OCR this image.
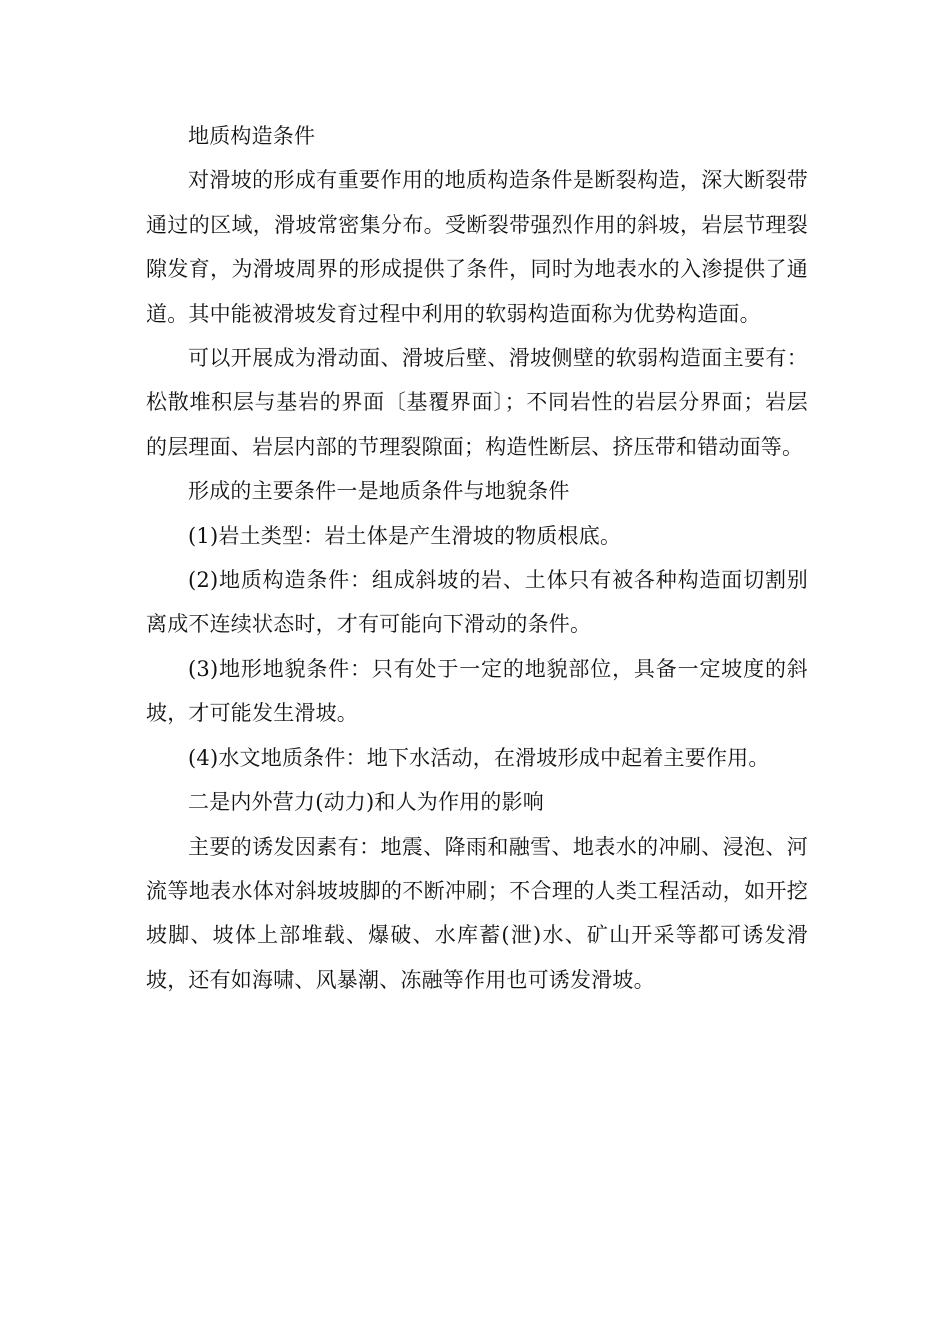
地质构造条件

对滑坡的形成有重要作用的地质构造条件是断裂构造，深大断裂带通过的区域，滑坡常密集分布。受断裂带强烈作用的斜坡，岩层节理裂隙发育，为滑坡周界的形成提供了条件，同时为地表水的入渗提供了通道。其中能被滑坡发育过程中利用的软弱构造面称为优势构造面。

可以开展成为滑动面、滑坡后壁、滑坡侧壁的软弱构造面主要有：松散堆积层与基岩的界面〔基覆界面〕；不同岩性的岩层分界面；岩层的层理面、岩层内部的节理裂隙面；构造性断层、挤压带和错动面等。

形成的主要条件一是地质条件与地貌条件

(1)岩土类型：岩土体是产生滑坡的物质根底。

(2)地质构造条件：组成斜坡的岩、土体只有被各种构造面切割别离成不连续状态时，才有可能向下滑动的条件。

(3)地形地貌条件：只有处于一定的地貌部位，具备一定坡度的斜坡，才可能发生滑坡。

(4)水文地质条件：地下水活动，在滑坡形成中起着主要作用。

二是内外营力(动力)和人为作用的影响

主要的诱发因素有：地震、降雨和融雪、地表水的冲刷、浸泡、河流等地表水体对斜坡坡脚的不断冲刷；不合理的人类工程活动，如开挖坡脚、坡体上部堆载、爆破、水库蓄(泄)水、矿山开采等都可诱发滑坡，还有如海啸、风暴潮、冻融等作用也可诱发滑坡。
